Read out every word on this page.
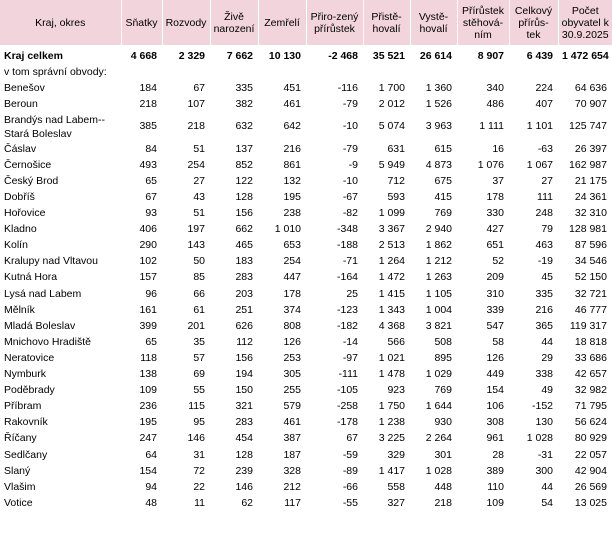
Kraj, okres	Sňatky	Rozvody	Živě narození	Zemřelí	Přiro-zený přírůstek	Přistě-hovalí	Vystě-hovalí	Přírůstek stěhová-ním	Celkový přírůs-tek	Počet obyvatel k 30.9.2025
Kraj celkem	4 668	2 329	7 662	10 130	-2 468	35 521	26 614	8 907	6 439	1 472 654
v tom správní obvody:										
Benešov	184	67	335	451	-116	1 700	1 360	340	224	64 636
Beroun	218	107	382	461	-79	2 012	1 526	486	407	70 907
Brandýs nad Labem--Stará Boleslav	385	218	632	642	-10	5 074	3 963	1 111	1 101	125 747
Čáslav	84	51	137	216	-79	631	615	16	-63	26 397
Černošice	493	254	852	861	-9	5 949	4 873	1 076	1 067	162 987
Český Brod	65	27	122	132	-10	712	675	37	27	21 175
Dobříš	67	43	128	195	-67	593	415	178	111	24 361
Hořovice	93	51	156	238	-82	1 099	769	330	248	32 310
Kladno	406	197	662	1 010	-348	3 367	2 940	427	79	128 981
Kolín	290	143	465	653	-188	2 513	1 862	651	463	87 596
Kralupy nad Vltavou	102	50	183	254	-71	1 264	1 212	52	-19	34 546
Kutná Hora	157	85	283	447	-164	1 472	1 263	209	45	52 150
Lysá nad Labem	96	66	203	178	25	1 415	1 105	310	335	32 721
Mělník	161	61	251	374	-123	1 343	1 004	339	216	46 777
Mladá Boleslav	399	201	626	808	-182	4 368	3 821	547	365	119 317
Mnichovo Hradiště	65	35	112	126	-14	566	508	58	44	18 818
Neratovice	118	57	156	253	-97	1 021	895	126	29	33 686
Nymburk	138	69	194	305	-111	1 478	1 029	449	338	42 657
Poděbrady	109	55	150	255	-105	923	769	154	49	32 982
Příbram	236	115	321	579	-258	1 750	1 644	106	-152	71 795
Rakovník	195	95	283	461	-178	1 238	930	308	130	56 624
Říčany	247	146	454	387	67	3 225	2 264	961	1 028	80 929
Sedlčany	64	31	128	187	-59	329	301	28	-31	22 057
Slaný	154	72	239	328	-89	1 417	1 028	389	300	42 904
Vlašim	94	22	146	212	-66	558	448	110	44	26 569
Votice	48	11	62	117	-55	327	218	109	54	13 025
